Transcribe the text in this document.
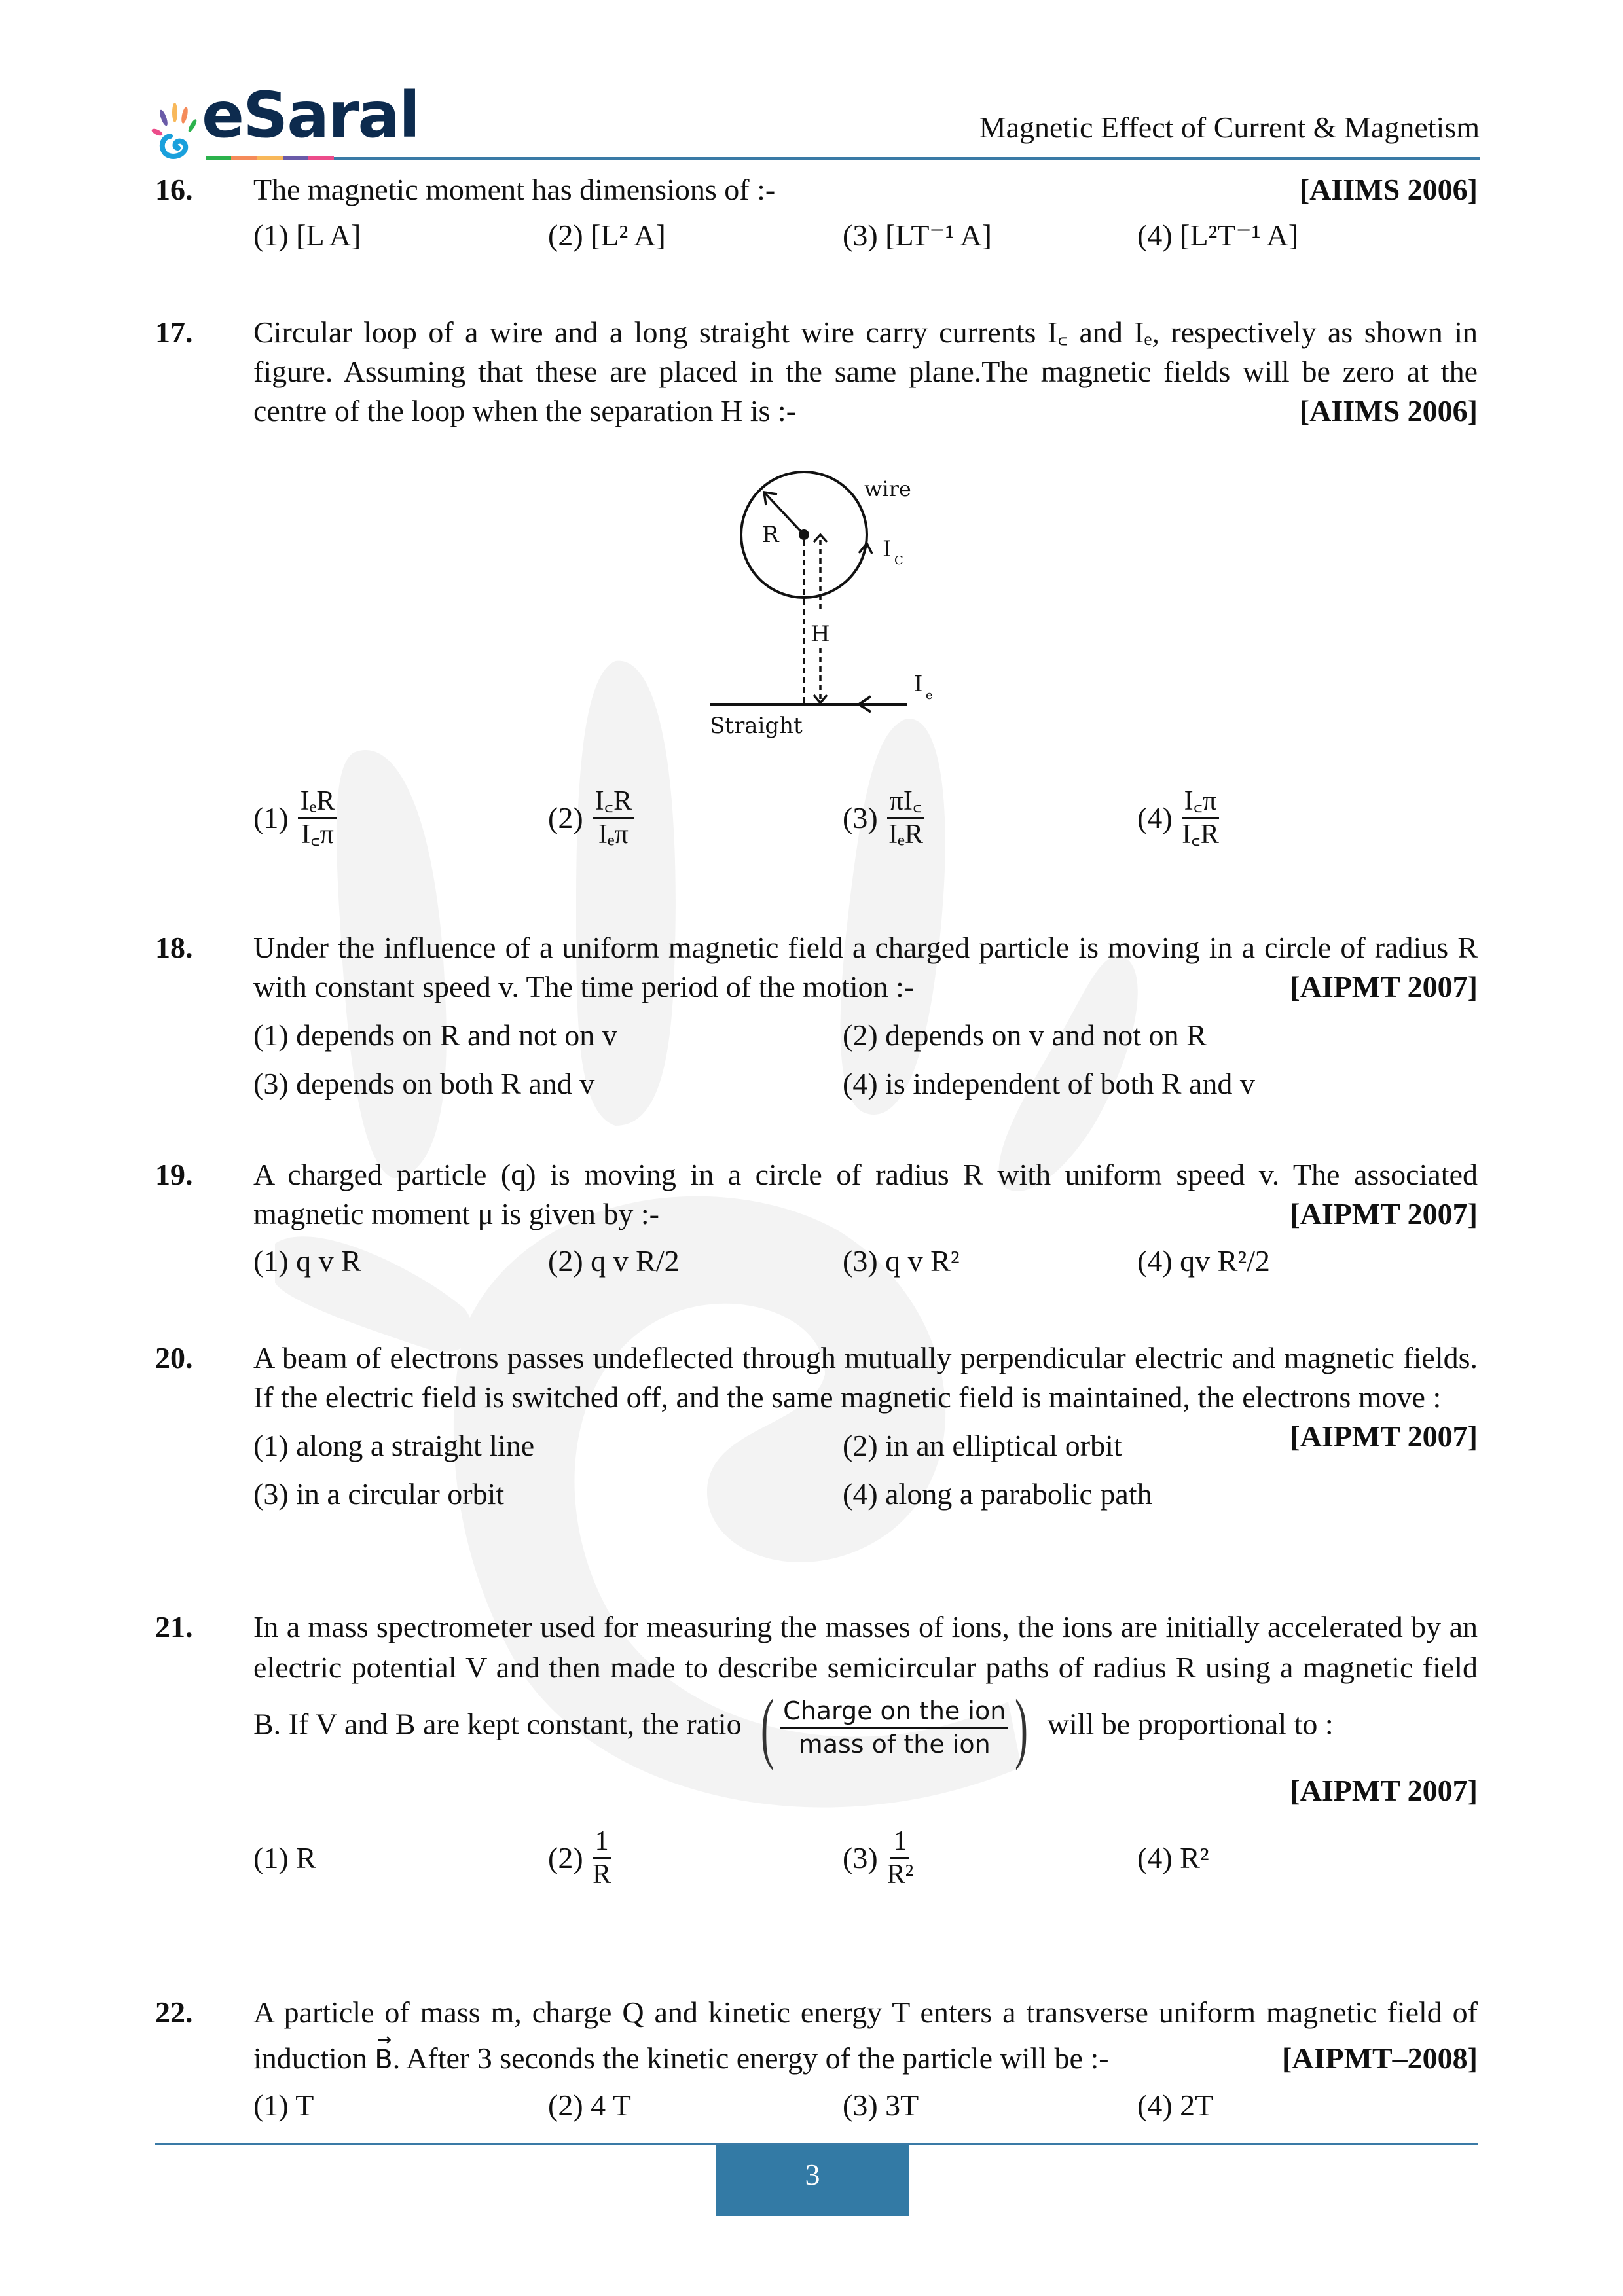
eSaral	Magnetic Effect of Current & Magnetism
16.	[AIIMS 2006]
The magnetic moment has dimensions of :-
(1) [L A]	(2) [L² A]	(3) [LT⁻¹ A]	(4) [L²T⁻¹ A]
17. Circular loop of a wire and a long straight wire carry currents I꜀ and Iₑ, respectively as shown in figure. Assuming that these are placed in the same plane.The magnetic fields will be zero at the centre of the loop when the separation H is :-	[AIIMS 2006]
R
wire
I C
H
I e
Straight
$(1) \frac{\text{IₑR}}{I꜀\pi}$	$(2) \frac{I꜀R}{\text{Iₑπ}}$	$(3) \frac{\pi I꜀}{\text{IₑR}}$	$(4) \frac{I꜀\pi}{I꜀R}$
18. Under the influence of a uniform magnetic field a charged particle is moving in a circle of radius R with constant speed v. The time period of the motion :-	[AIPMT 2007]
(1) depends on R and not on v	(2) depends on v and not on R
(3) depends on both R and v	(4) is independent of both R and v
19. A charged particle (q) is moving in a circle of radius R with uniform speed v. The associated magnetic moment μ is given by :-	[AIPMT 2007]
(1) q v R	(2) q v R/2	(3) q v R²	(4) qv R²/2
20. A beam of electrons passes undeflected through mutually perpendicular electric and magnetic fields. If the electric field is switched off, and the same magnetic field is maintained, the electrons move :
[AIPMT 2007]
(1) along a straight line	(2) in an elliptical orbit
(3) in a circular orbit	(4) along a parabolic path
21. In a mass spectrometer used for measuring the masses of ions, the ions are initially accelerated by an electric potential V and then made to describe semicircular paths of radius R using a magnetic field B. If V and B are kept constant, the ratio ( $\frac{\text{Charge on the ion}}{\text{mass of the ion}}$ ) will be proportional to :
[AIPMT 2007]
(1) R	$(2) \frac{1}{R}$	$(3) \frac{1}{\text{R²}}$	(4) R²
22. A particle of mass m, charge Q and kinetic energy T enters a transverse uniform magnetic field of induction → B. After 3 seconds the kinetic energy of the particle will be :-	[AIPMT–2008]
(1) T	(2) 4 T	(3) 3T	(4) 2T
3
